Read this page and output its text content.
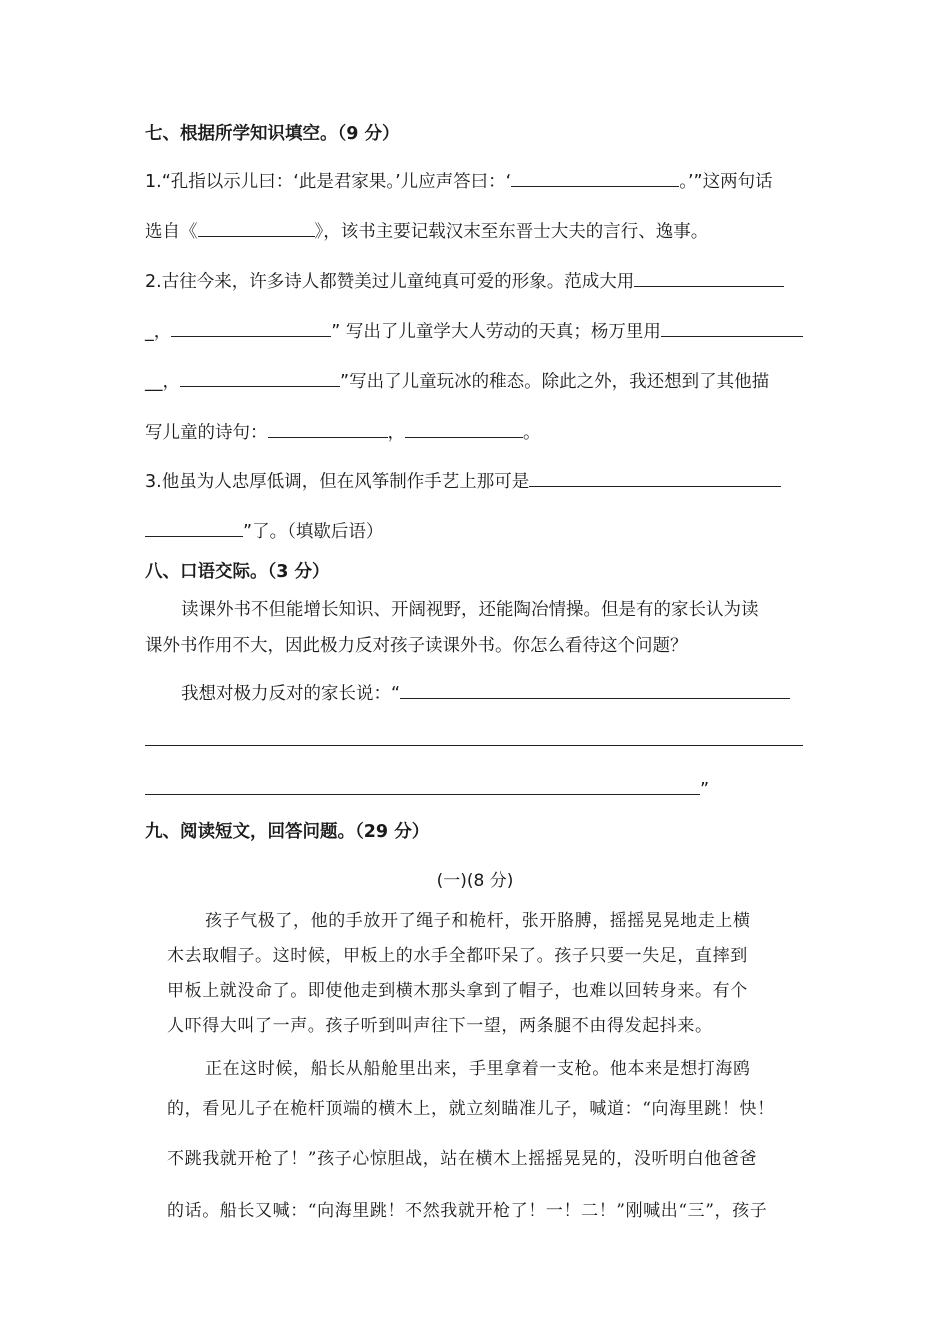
七、根据所学知识填空。（9 分）
1.“孔指以示儿曰：‘此是君家果。’儿应声答曰：‘	。’”这两句话
选自《	》，该书主要记载汉末至东晋士大夫的言行、逸事。
2.古往今来，许多诗人都赞美过儿童纯真可爱的形象。范成大用
_，	” 写出了儿童学大人劳动的天真；杨万里用
__，	”写出了儿童玩冰的稚态。除此之外，我还想到了其他描
写儿童的诗句：	，	。
3.他虽为人忠厚低调，但在风筝制作手艺上那可是
”了。（填歇后语）
八、口语交际。（3 分）
读课外书不但能增长知识、开阔视野，还能陶冶情操。但是有的家长认为读
课外书作用不大，因此极力反对孩子读课外书。你怎么看待这个问题？
我想对极力反对的家长说：“
”
九、阅读短文，回答问题。（29 分）
(一)(8 分)
孩子气极了，他的手放开了绳子和桅杆，张开胳膊，摇摇晃晃地走上横
木去取帽子。这时候，甲板上的水手全都吓呆了。孩子只要一失足，直摔到
甲板上就没命了。即使他走到横木那头拿到了帽子，也难以回转身来。有个
人吓得大叫了一声。孩子听到叫声往下一望，两条腿不由得发起抖来。
正在这时候，船长从船舱里出来，手里拿着一支枪。他本来是想打海鸥
的，看见儿子在桅杆顶端的横木上，就立刻瞄准儿子，喊道：“向海里跳！快！
不跳我就开枪了！”孩子心惊胆战，站在横木上摇摇晃晃的，没听明白他爸爸
的话。船长又喊：“向海里跳！不然我就开枪了！一！二！”刚喊出“三”，孩子
